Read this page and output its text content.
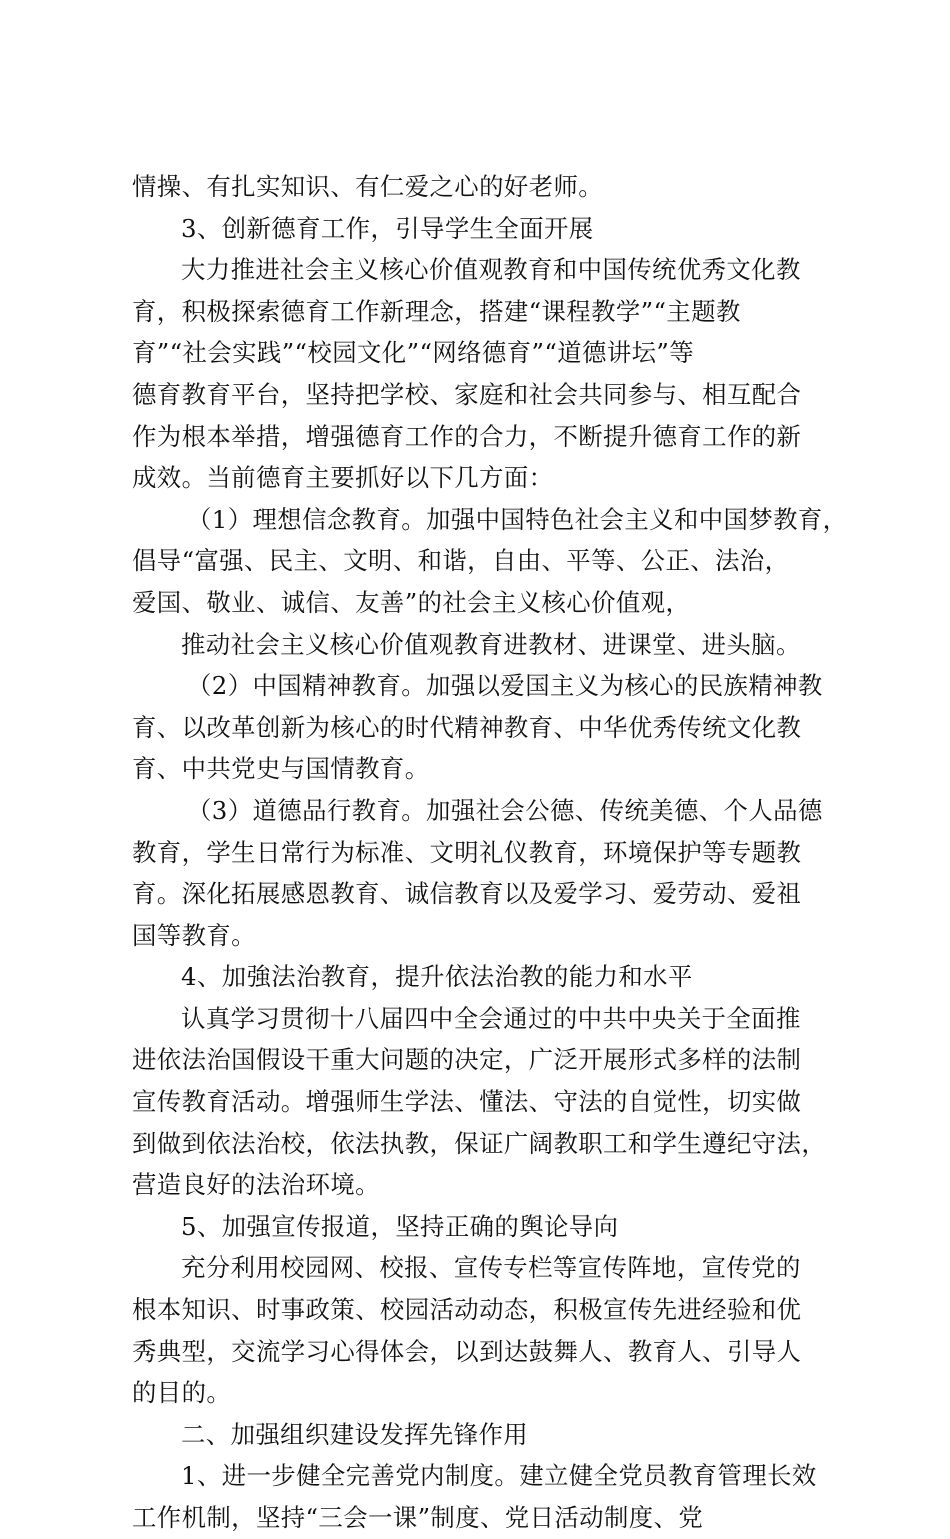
情操、有扎实知识、有仁爱之心的好老师。
3、创新德育工作，引导学生全面开展
大力推进社会主义核心价值观教育和中国传统优秀文化教
育，积极探索德育工作新理念，搭建“课程教学”“主题教
育”“社会实践”“校园文化”“网络德育”“道德讲坛”等
德育教育平台，坚持把学校、家庭和社会共同参与、相互配合
作为根本举措，增强德育工作的合力，不断提升德育工作的新
成效。当前德育主要抓好以下几方面：
（1）理想信念教育。加强中国特色社会主义和中国梦教育，
倡导“富强、民主、文明、和谐，自由、平等、公正、法治，
爱国、敬业、诚信、友善”的社会主义核心价值观，
推动社会主义核心价值观教育进教材、进课堂、进头脑。
（2）中国精神教育。加强以爱国主义为核心的民族精神教
育、以改革创新为核心的时代精神教育、中华优秀传统文化教
育、中共党史与国情教育。
（3）道德品行教育。加强社会公德、传统美德、个人品德
教育，学生日常行为标准、文明礼仪教育，环境保护等专题教
育。深化拓展感恩教育、诚信教育以及爱学习、爱劳动、爱祖
国等教育。
4、加強法治教育，提升依法治教的能力和水平
认真学习贯彻十八届四中全会通过的中共中央关于全面推
进依法治国假设干重大问题的决定，广泛开展形式多样的法制
宣传教育活动。增强师生学法、懂法、守法的自觉性，切实做
到做到依法治校，依法执教，保证广阔教职工和学生遵纪守法，
营造良好的法治环境。
5、加强宣传报道，坚持正确的舆论导向
充分利用校园网、校报、宣传专栏等宣传阵地，宣传党的
根本知识、时事政策、校园活动动态，积极宣传先进经验和优
秀典型，交流学习心得体会，以到达鼓舞人、教育人、引导人
的目的。
二、加强组织建设发挥先锋作用
1、进一步健全完善党内制度。建立健全党员教育管理长效
工作机制，坚持“三会一课”制度、党日活动制度、党
